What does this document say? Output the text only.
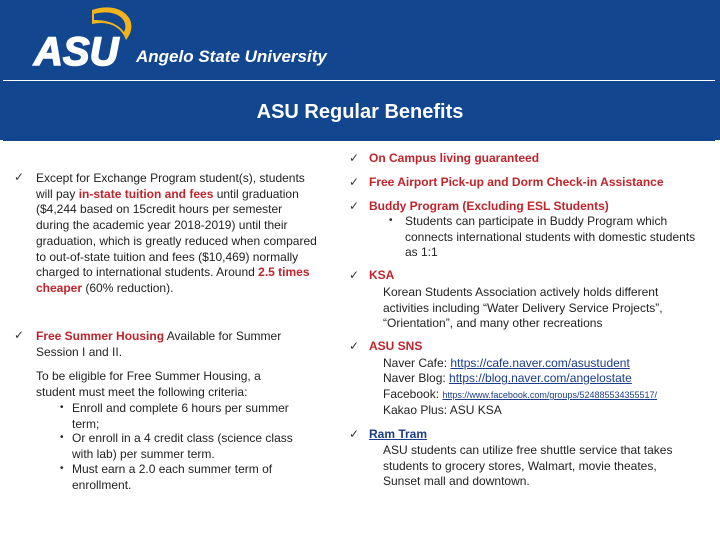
ASU Angelo State University
ASU Regular Benefits
✓ Except for Exchange Program student(s), students will pay in-state tuition and fees until graduation ($4,244 based on 15credit hours per semester during the academic year 2018-2019) until their graduation, which is greatly reduced when compared to out-of-state tuition and fees ($10,469) normally charged to international students. Around 2.5 times cheaper (60% reduction).
✓ Free Summer Housing Available for Summer Session I and II.
To be eligible for Free Summer Housing, a student must meet the following criteria:
• Enroll and complete 6 hours per summer term;
• Or enroll in a 4 credit class (science class with lab) per summer term.
• Must earn a 2.0 each summer term of enrollment.
✓ On Campus living guaranteed
✓ Free Airport Pick-up and Dorm Check-in Assistance
✓ Buddy Program (Excluding ESL Students)
• Students can participate in Buddy Program which connects international students with domestic students as 1:1
✓ KSA
Korean Students Association actively holds different activities including “Water Delivery Service Projects”, “Orientation”, and many other recreations
✓ ASU SNS
Naver Cafe: https://cafe.naver.com/asustudent
Naver Blog: https://blog.naver.com/angelostate
Facebook: https://www.facebook.com/groups/524885534355517/
Kakao Plus: ASU KSA
✓ Ram Tram
ASU students can utilize free shuttle service that takes students to grocery stores, Walmart, movie theates, Sunset mall and downtown.
